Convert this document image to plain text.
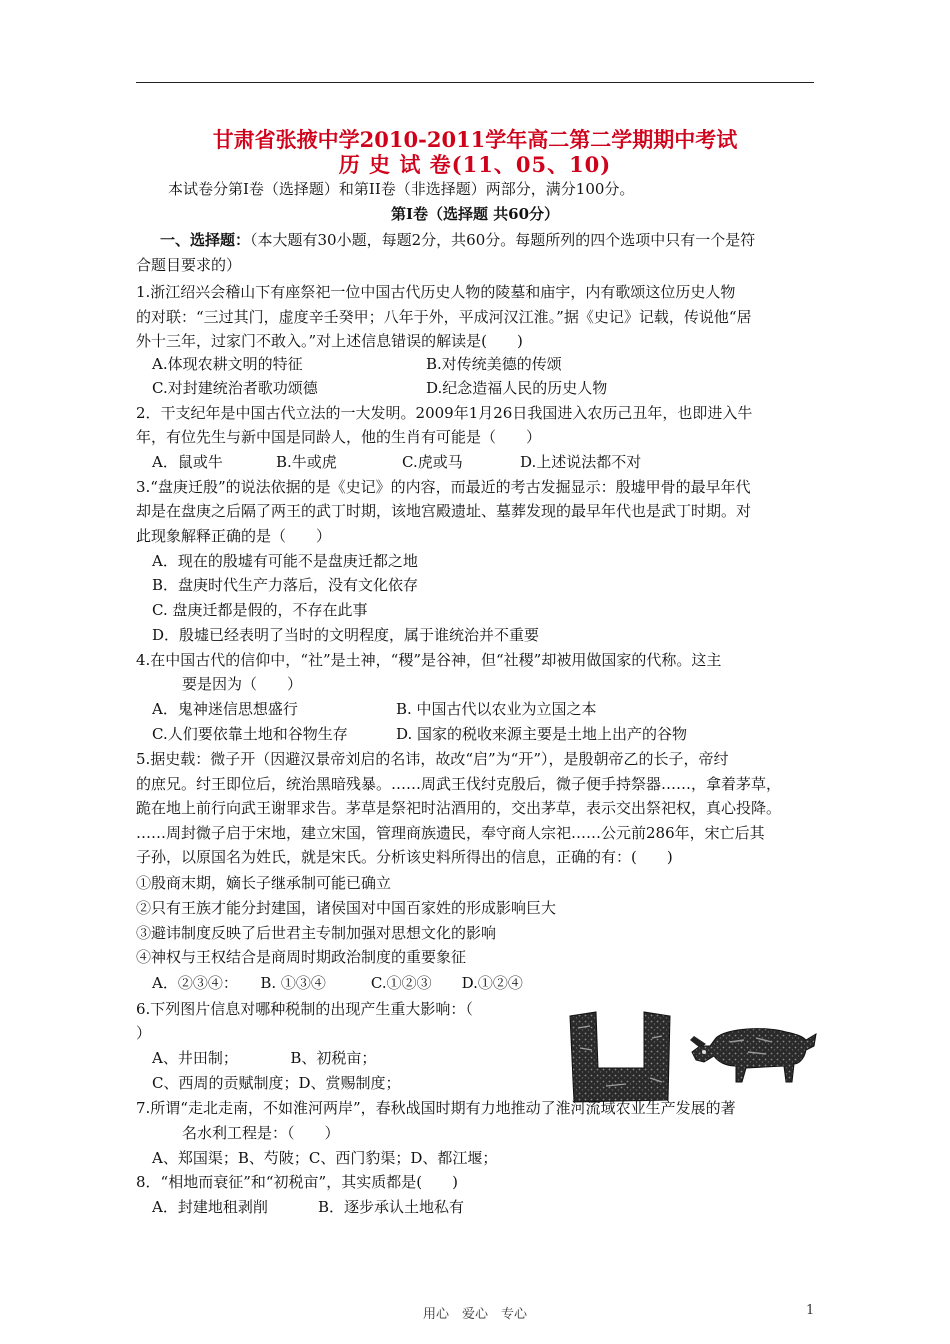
甘肃省张掖中学2010-2011学年高二第二学期期中考试
历 史 试 卷(11、05、10)
本试卷分第I卷（选择题）和第II卷（非选择题）两部分，满分100分。
第I卷（选择题 共60分）
一、选择题：（本大题有30小题，每题2分，共60分。每题所列的四个选项中只有一个是符
合题目要求的）
1.浙江绍兴会稽山下有座祭祀一位中国古代历史人物的陵墓和庙宇，内有歌颂这位历史人物
的对联：“三过其门，虚度辛壬癸甲；八年于外，平成河汉江淮。”据《史记》记载，传说他“居
外十三年，过家门不敢入。”对上述信息错误的解读是(　　)
A.体现农耕文明的特征	B.对传统美德的传颂
C.对封建统治者歌功颂德	D.纪念造福人民的历史人物
2．干支纪年是中国古代立法的一大发明。2009年1月26日我国进入农历己丑年，也即进入牛
年，有位先生与新中国是同龄人，他的生肖有可能是（　　）
A．鼠或牛	B.牛或虎	C.虎或马	D.上述说法都不对
3.“盘庚迁殷”的说法依据的是《史记》的内容，而最近的考古发掘显示：殷墟甲骨的最早年代
却是在盘庚之后隔了两王的武丁时期，该地宫殿遗址、墓葬发现的最早年代也是武丁时期。对
此现象解释正确的是（　　）
A．现在的殷墟有可能不是盘庚迁都之地
B．盘庚时代生产力落后，没有文化依存
C. 盘庚迁都是假的，不存在此事
D．殷墟已经表明了当时的文明程度，属于谁统治并不重要
4.在中国古代的信仰中，“社”是土神，“稷”是谷神，但“社稷”却被用做国家的代称。这主
要是因为（　　）
A．鬼神迷信思想盛行	B. 中国古代以农业为立国之本
C.人们要依靠土地和谷物生存	D. 国家的税收来源主要是土地上出产的谷物
5.据史载：微子开（因避汉景帝刘启的名讳，故改“启”为“开”），是殷朝帝乙的长子，帝纣
的庶兄。纣王即位后，统治黑暗残暴。……周武王伐纣克殷后，微子便手持祭器……，拿着茅草，
跪在地上前行向武王谢罪求告。茅草是祭祀时沾酒用的，交出茅草，表示交出祭祀权，真心投降。
……周封微子启于宋地，建立宋国，管理商族遗民，奉守商人宗祀……公元前286年，宋亡后其
子孙，以原国名为姓氏，就是宋氏。分析该史料所得出的信息，正确的有：(　　)
①殷商末期，嫡长子继承制可能已确立
②只有王族才能分封建国，诸侯国对中国百家姓的形成影响巨大
③避讳制度反映了后世君主专制加强对思想文化的影响
④神权与王权结合是商周时期政治制度的重要象征
A．②③④：　　B. ①③④　　　C.①②③　　D.①②④
6.下列图片信息对哪种税制的出现产生重大影响：（
）
A、井田制；　　　　B、初税亩；
C、西周的贡赋制度；D、赏赐制度；
7.所谓“走北走南，不如淮河两岸”，春秋战国时期有力地推动了淮河流域农业生产发展的著
名水利工程是：（　　）
A、郑国渠；B、芍陂；C、西门豹渠；D、都江堰；
8．“相地而衰征”和“初税亩”，其实质都是(　　)
A．封建地租剥削	B．逐步承认土地私有
用心　爱心　专心	1
